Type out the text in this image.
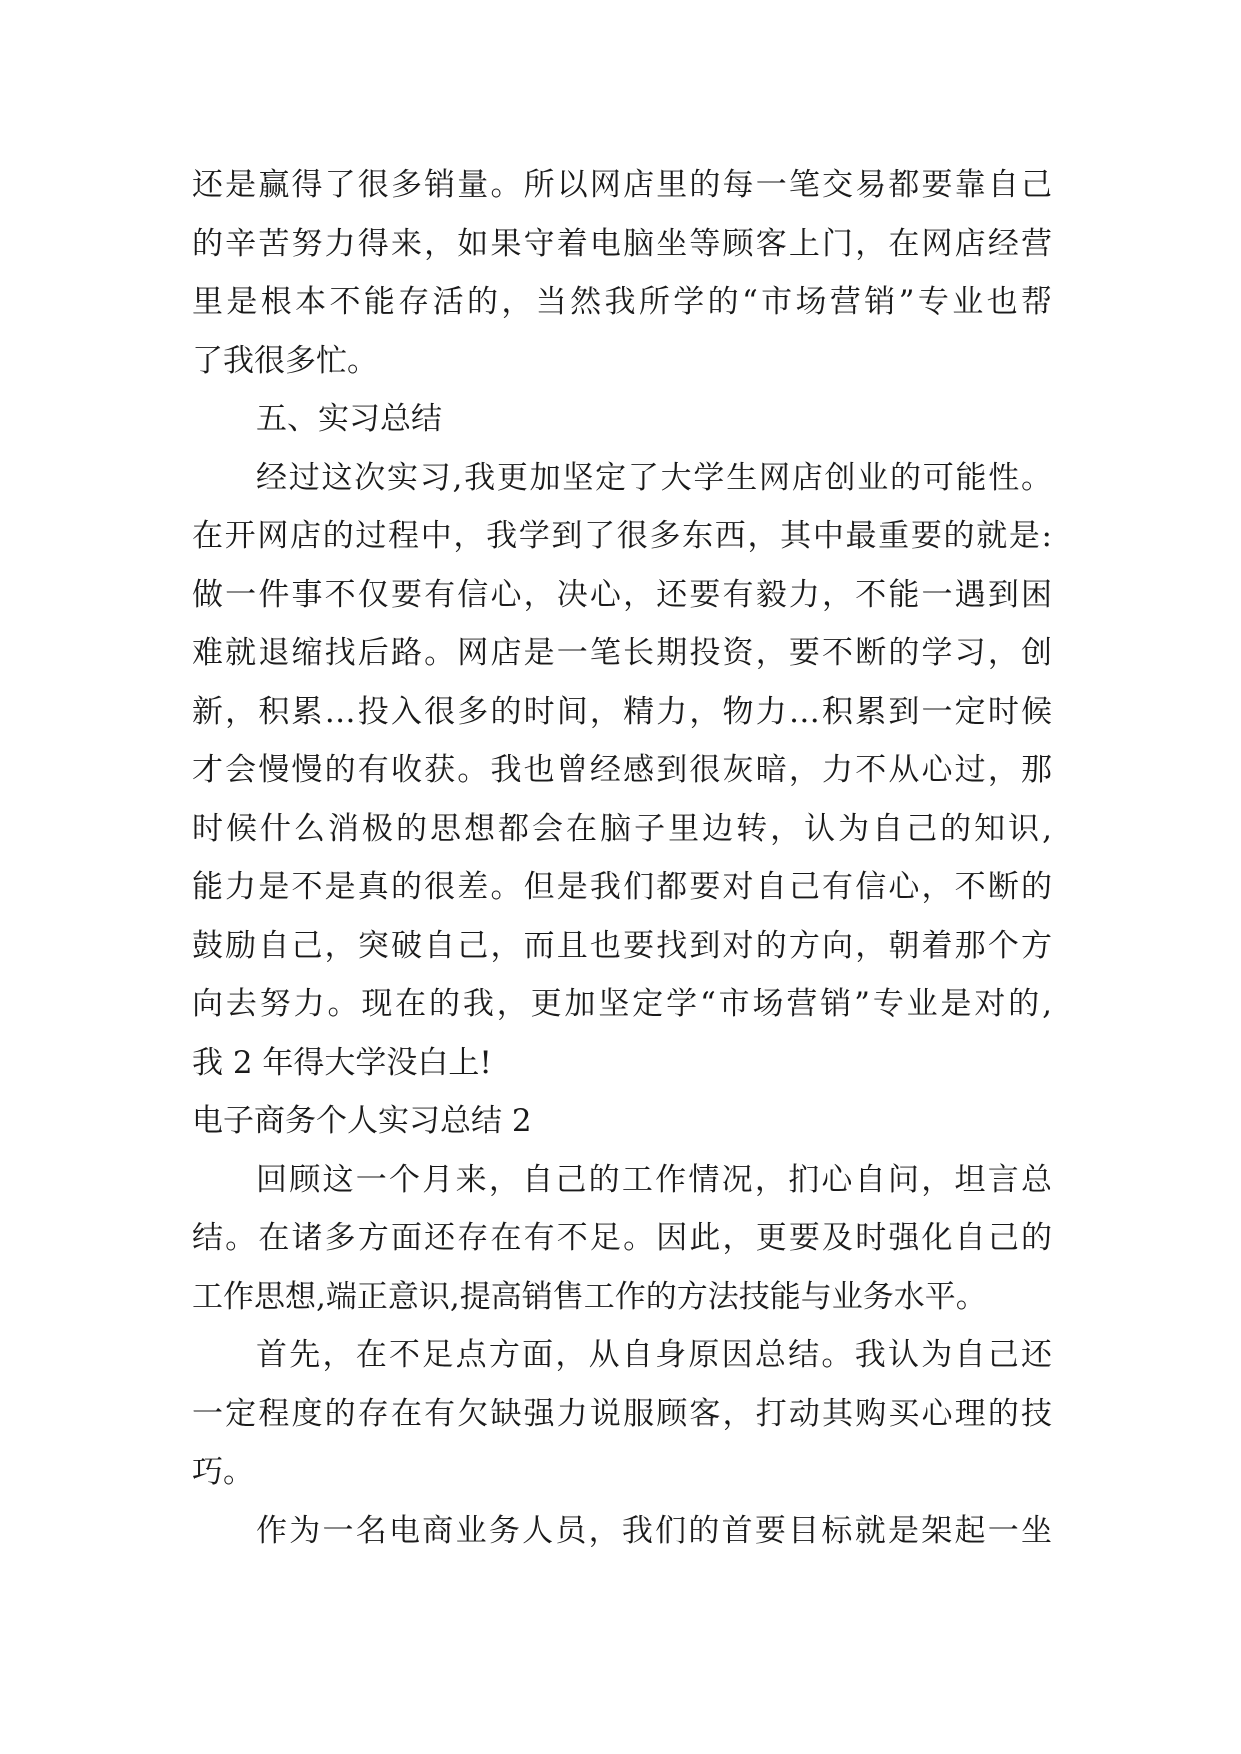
还是赢得了很多销量。所以网店里的每一笔交易都要靠自己
的辛苦努力得来，如果守着电脑坐等顾客上门，在网店经营
里是根本不能存活的，当然我所学的“市场营销”专业也帮
了我很多忙。
五、实习总结
经过这次实习,我更加坚定了大学生网店创业的可能性。
在开网店的过程中，我学到了很多东西，其中最重要的就是:
做一件事不仅要有信心，决心，还要有毅力，不能一遇到困
难就退缩找后路。网店是一笔长期投资，要不断的学习，创
新，积累…投入很多的时间，精力，物力…积累到一定时候
才会慢慢的有收获。我也曾经感到很灰暗，力不从心过，那
时候什么消极的思想都会在脑子里边转，认为自己的知识,
能力是不是真的很差。但是我们都要对自己有信心，不断的
鼓励自己，突破自己，而且也要找到对的方向，朝着那个方
向去努力。现在的我，更加坚定学“市场营销”专业是对的,
我 2 年得大学没白上!
电子商务个人实习总结 2
回顾这一个月来，自己的工作情况，扪心自问，坦言总
结。在诸多方面还存在有不足。因此，更要及时强化自己的
工作思想,端正意识,提高销售工作的方法技能与业务水平。
首先，在不足点方面，从自身原因总结。我认为自己还
一定程度的存在有欠缺强力说服顾客，打动其购买心理的技
巧。
作为一名电商业务人员，我们的首要目标就是架起一坐
